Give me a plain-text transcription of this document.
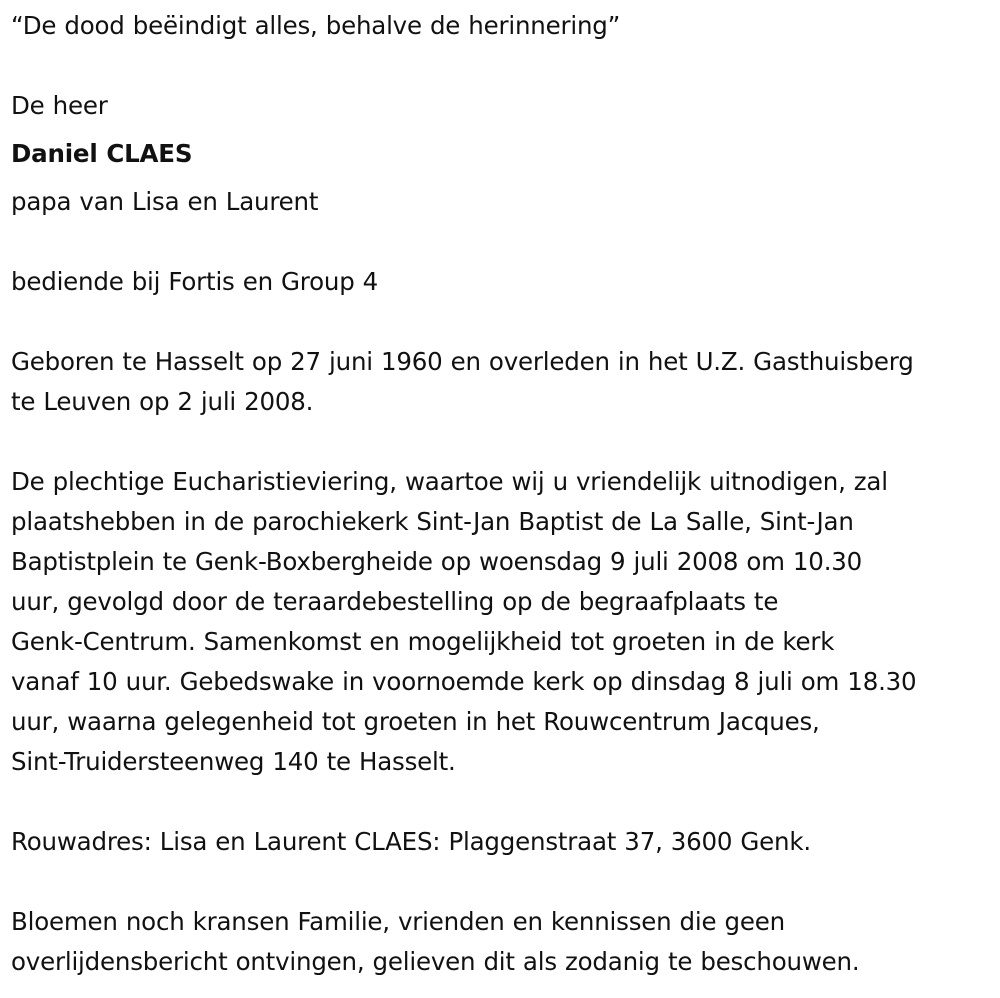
“De dood beëindigt alles, behalve de herinnering”
De heer
Daniel CLAES
papa van Lisa en Laurent
bediende bij Fortis en Group 4
Geboren te Hasselt op 27 juni 1960 en overleden in het U.Z. Gasthuisberg
te Leuven op 2 juli 2008.
De plechtige Eucharistieviering, waartoe wij u vriendelijk uitnodigen, zal
plaatshebben in de parochiekerk Sint-Jan Baptist de La Salle, Sint-Jan
Baptistplein te Genk-Boxbergheide op woensdag 9 juli 2008 om 10.30
uur, gevolgd door de teraardebestelling op de begraafplaats te
Genk-Centrum. Samenkomst en mogelijkheid tot groeten in de kerk
vanaf 10 uur. Gebedswake in voornoemde kerk op dinsdag 8 juli om 18.30
uur, waarna gelegenheid tot groeten in het Rouwcentrum Jacques,
Sint-Truidersteenweg 140 te Hasselt.
Rouwadres: Lisa en Laurent CLAES: Plaggenstraat 37, 3600 Genk.
Bloemen noch kransen Familie, vrienden en kennissen die geen
overlijdensbericht ontvingen, gelieven dit als zodanig te beschouwen.
